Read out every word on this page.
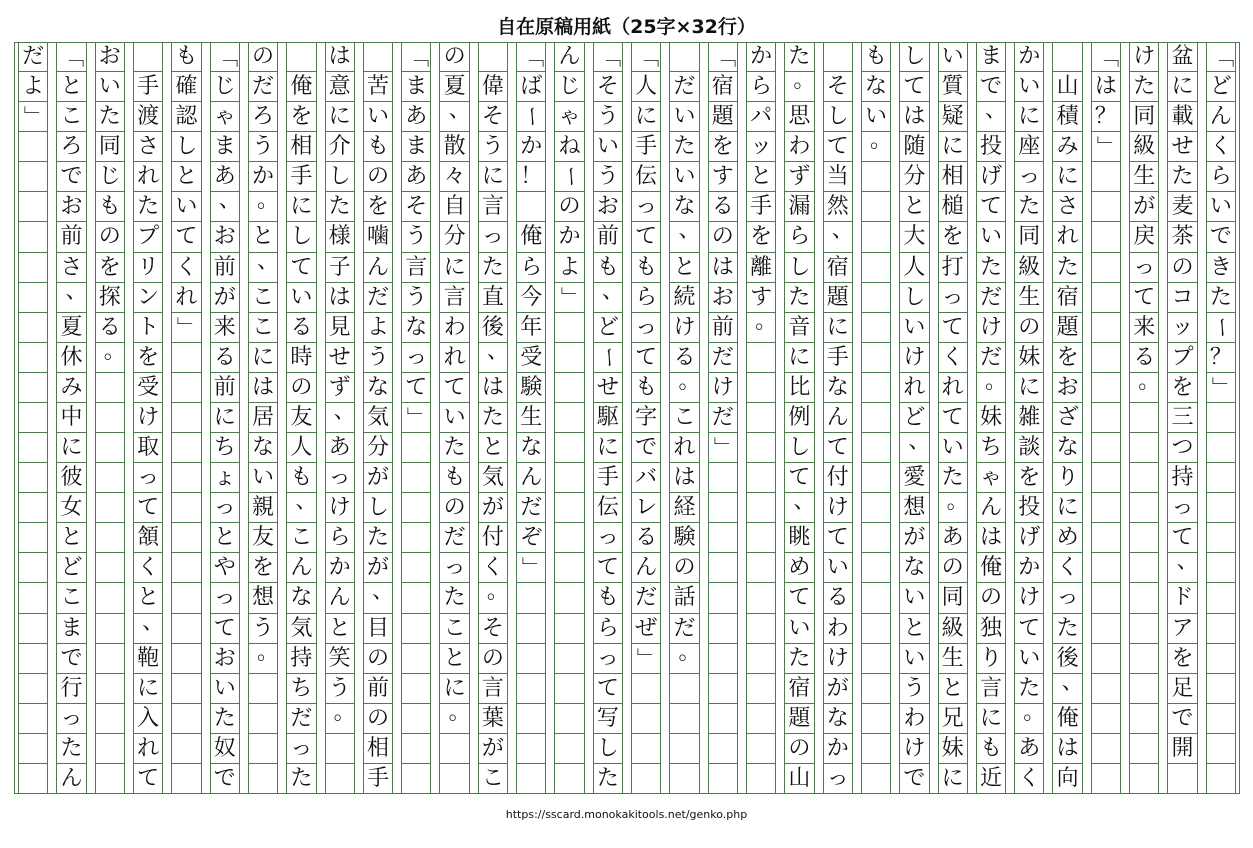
自在原稿用紙（25字×32行）
「
ど
ん
く
ら
い
で
き
た
ー
？
」
盆
に
載
せ
た
麦
茶
の
コ
ッ
プ
を
三
つ
持
っ
て
、
ド
ア
を
足
で
開
け
た
同
級
生
が
戻
っ
て
来
る
。
「
は
？
」
山
積
み
に
さ
れ
た
宿
題
を
お
ざ
な
り
に
め
く
っ
た
後
、
俺
は
向
か
い
に
座
っ
た
同
級
生
の
妹
に
雑
談
を
投
げ
か
け
て
い
た
。
あ
く
ま
で
、
投
げ
て
い
た
だ
け
だ
。
妹
ち
ゃ
ん
は
俺
の
独
り
言
に
も
近
い
質
疑
に
相
槌
を
打
っ
て
く
れ
て
い
た
。
あ
の
同
級
生
と
兄
妹
に
し
て
は
随
分
と
大
人
し
い
け
れ
ど
、
愛
想
が
な
い
と
い
う
わ
け
で
も
な
い
。
そ
し
て
当
然
、
宿
題
に
手
な
ん
て
付
け
て
い
る
わ
け
が
な
か
っ
た
。
思
わ
ず
漏
ら
し
た
音
に
比
例
し
て
、
眺
め
て
い
た
宿
題
の
山
か
ら
パ
ッ
と
手
を
離
す
。
「
宿
題
を
す
る
の
は
お
前
だ
け
だ
」
だ
い
た
い
な
、
と
続
け
る
。
こ
れ
は
経
験
の
話
だ
。
「
人
に
手
伝
っ
て
も
ら
っ
て
も
字
で
バ
レ
る
ん
だ
ぜ
」
「
そ
う
い
う
お
前
も
、
ど
ー
せ
駆
に
手
伝
っ
て
も
ら
っ
て
写
し
た
ん
じ
ゃ
ね
ー
の
か
よ
」
「
ば
ー
か
！
俺
ら
今
年
受
験
生
な
ん
だ
ぞ
」
偉
そ
う
に
言
っ
た
直
後
、
は
た
と
気
が
付
く
。
そ
の
言
葉
が
こ
の
夏
、
散
々
自
分
に
言
わ
れ
て
い
た
も
の
だ
っ
た
こ
と
に
。
「
ま
あ
ま
あ
そ
う
言
う
な
っ
て
」
苦
い
も
の
を
噛
ん
だ
よ
う
な
気
分
が
し
た
が
、
目
の
前
の
相
手
は
意
に
介
し
た
様
子
は
見
せ
ず
、
あ
っ
け
ら
か
ん
と
笑
う
。
俺
を
相
手
に
し
て
い
る
時
の
友
人
も
、
こ
ん
な
気
持
ち
だ
っ
た
の
だ
ろ
う
か
。
と
、
こ
こ
に
は
居
な
い
親
友
を
想
う
。
「
じ
ゃ
ま
あ
、
お
前
が
来
る
前
に
ち
ょ
っ
と
や
っ
て
お
い
た
奴
で
も
確
認
し
と
い
て
く
れ
」
手
渡
さ
れ
た
プ
リ
ン
ト
を
受
け
取
っ
て
頷
く
と
、
鞄
に
入
れ
て
お
い
た
同
じ
も
の
を
探
る
。
「
と
こ
ろ
で
お
前
さ
、
夏
休
み
中
に
彼
女
と
ど
こ
ま
で
行
っ
た
ん
だ
よ
」
https://sscard.monokakitools.net/genko.php
